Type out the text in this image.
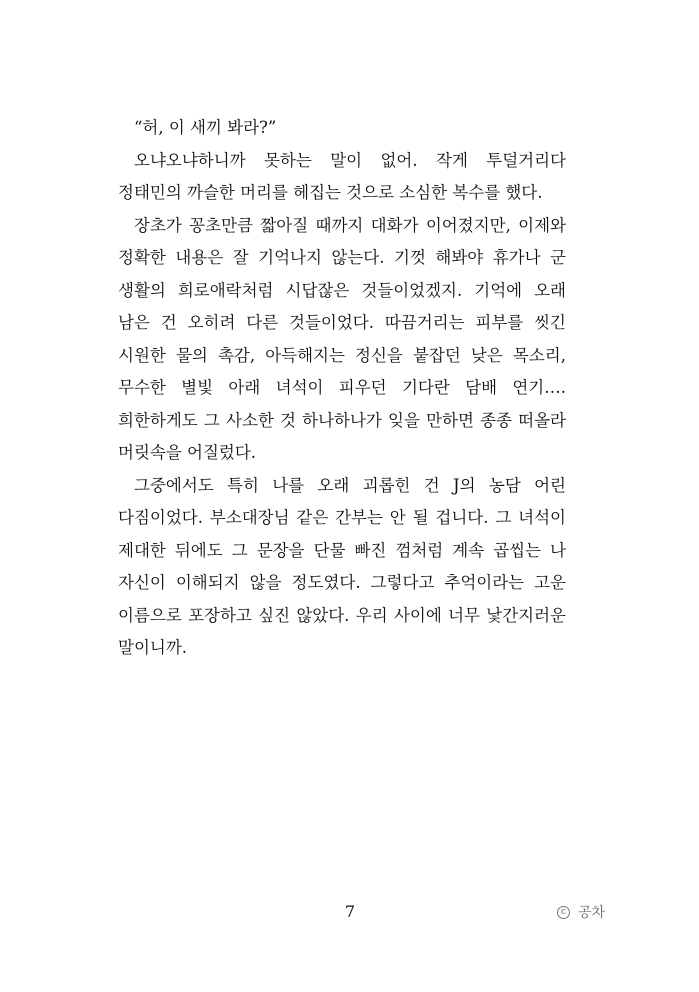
“허, 이 새끼 봐라?”

오냐오냐하니까 못하는 말이 없어. 작게 투덜거리다 정태민의 까슬한 머리를 헤집는 것으로 소심한 복수를 했다.

장초가 꽁초만큼 짧아질 때까지 대화가 이어졌지만, 이제와 정확한 내용은 잘 기억나지 않는다. 기껏 해봐야 휴가나 군 생활의 희로애락처럼 시답잖은 것들이었겠지. 기억에 오래 남은 건 오히려 다른 것들이었다. 따끔거리는 피부를 씻긴 시원한 물의 촉감, 아득해지는 정신을 붙잡던 낮은 목소리, 무수한 별빛 아래 녀석이 피우던 기다란 담배 연기…. 희한하게도 그 사소한 것 하나하나가 잊을 만하면 종종 떠올라 머릿속을 어질렀다.

그중에서도 특히 나를 오래 괴롭힌 건 J의 농담 어린 다짐이었다. 부소대장님 같은 간부는 안 될 겁니다. 그 녀석이 제대한 뒤에도 그 문장을 단물 빠진 껌처럼 계속 곱씹는 나 자신이 이해되지 않을 정도였다. 그렇다고 추억이라는 고운 이름으로 포장하고 싶진 않았다. 우리 사이에 너무 낯간지러운 말이니까.

7	c 공차
